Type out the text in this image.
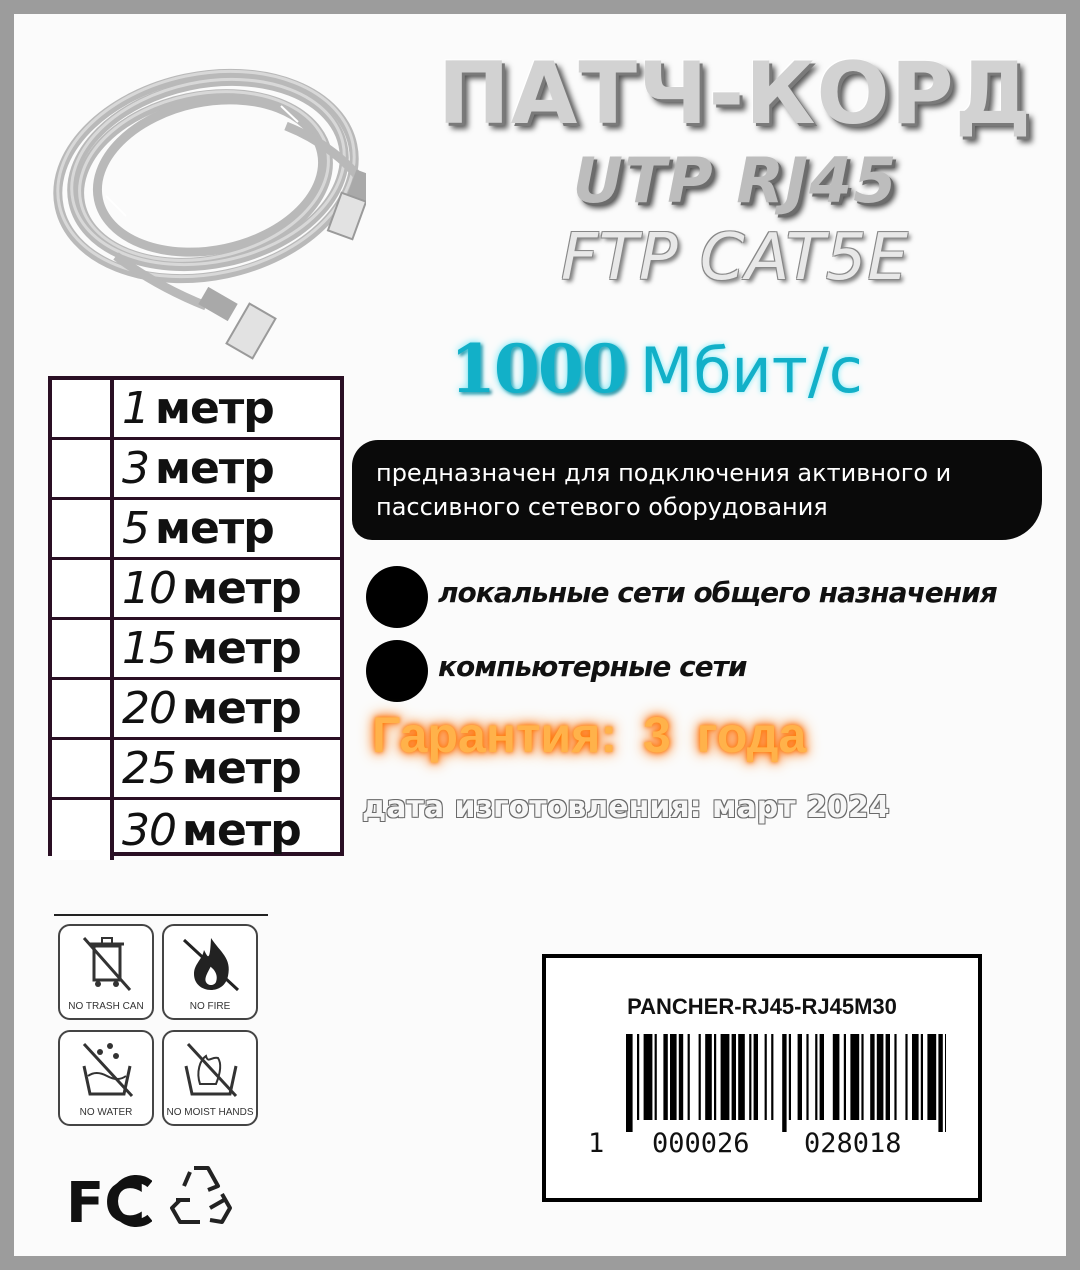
ПАТЧ-КОРД
UTP RJ45
FTP CAT5E
1000 Мбит/с
1 метр
3 метр
5 метр
10 метр
15 метр
20 метр
25 метр
30 метр
предназначен для подключения активного и
пассивного сетевого оборудования
локальные сети общего назначения
компьютерные сети
Гарантия: 3 года
дата изготовления: март 2024
NO TRASH CAN	NO FIRE
NO WATER	NO MOIST HANDS
FC
PANCHER-RJ45-RJ45M30
1 000026 028018
